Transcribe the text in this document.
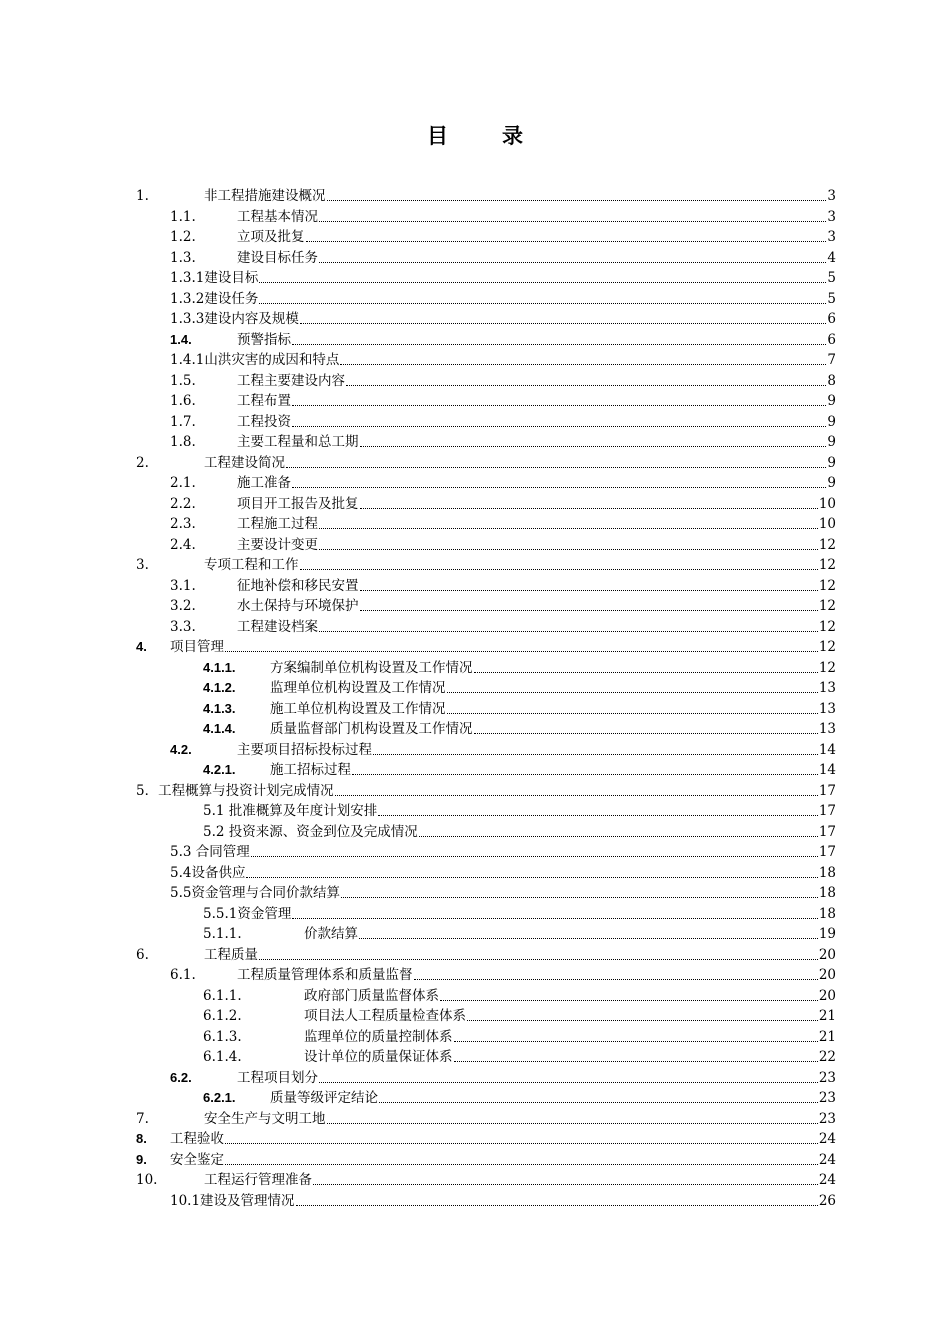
目	录
1.	非工程措施建设概况	3
1.1.	工程基本情况	3
1.2.	立项及批复	3
1.3.	建设目标任务	4
1.3.1建设目标	5
1.3.2建设任务	5
1.3.3建设内容及规模	6
1.4.	预警指标	6
1.4.1山洪灾害的成因和特点	7
1.5.	工程主要建设内容	8
1.6.	工程布置	9
1.7.	工程投资	9
1.8.	主要工程量和总工期	9
2.	工程建设简况	9
2.1.	施工准备	9
2.2.	项目开工报告及批复	10
2.3.	工程施工过程	10
2.4.	主要设计变更	12
3.	专项工程和工作	12
3.1.	征地补偿和移民安置	12
3.2.	水土保持与环境保护	12
3.3.	工程建设档案	12
4. 项目管理	12
4.1.1.	方案编制单位机构设置及工作情况	12
4.1.2.	监理单位机构设置及工作情况	13
4.1.3.	施工单位机构设置及工作情况	13
4.1.4.	质量监督部门机构设置及工作情况	13
4.2.	主要项目招标投标过程	14
4.2.1.	施工招标过程	14
5．工程概算与投资计划完成情况	17
5.1 批准概算及年度计划安排	17
5.2 投资来源、资金到位及完成情况	17
5.3 合同管理	17
5.4设备供应	18
5.5资金管理与合同价款结算	18
5.5.1资金管理	18
5.1.1.	价款结算	19
6.	工程质量	20
6.1.	工程质量管理体系和质量监督	20
6.1.1.	政府部门质量监督体系	20
6.1.2.	项目法人工程质量检查体系	21
6.1.3.	监理单位的质量控制体系	21
6.1.4.	设计单位的质量保证体系	22
6.2.	工程项目划分	23
6.2.1.	质量等级评定结论	23
7.	安全生产与文明工地	23
8. 工程验收	24
9. 安全鉴定	24
10.	工程运行管理准备	24
10.1建设及管理情况	26
